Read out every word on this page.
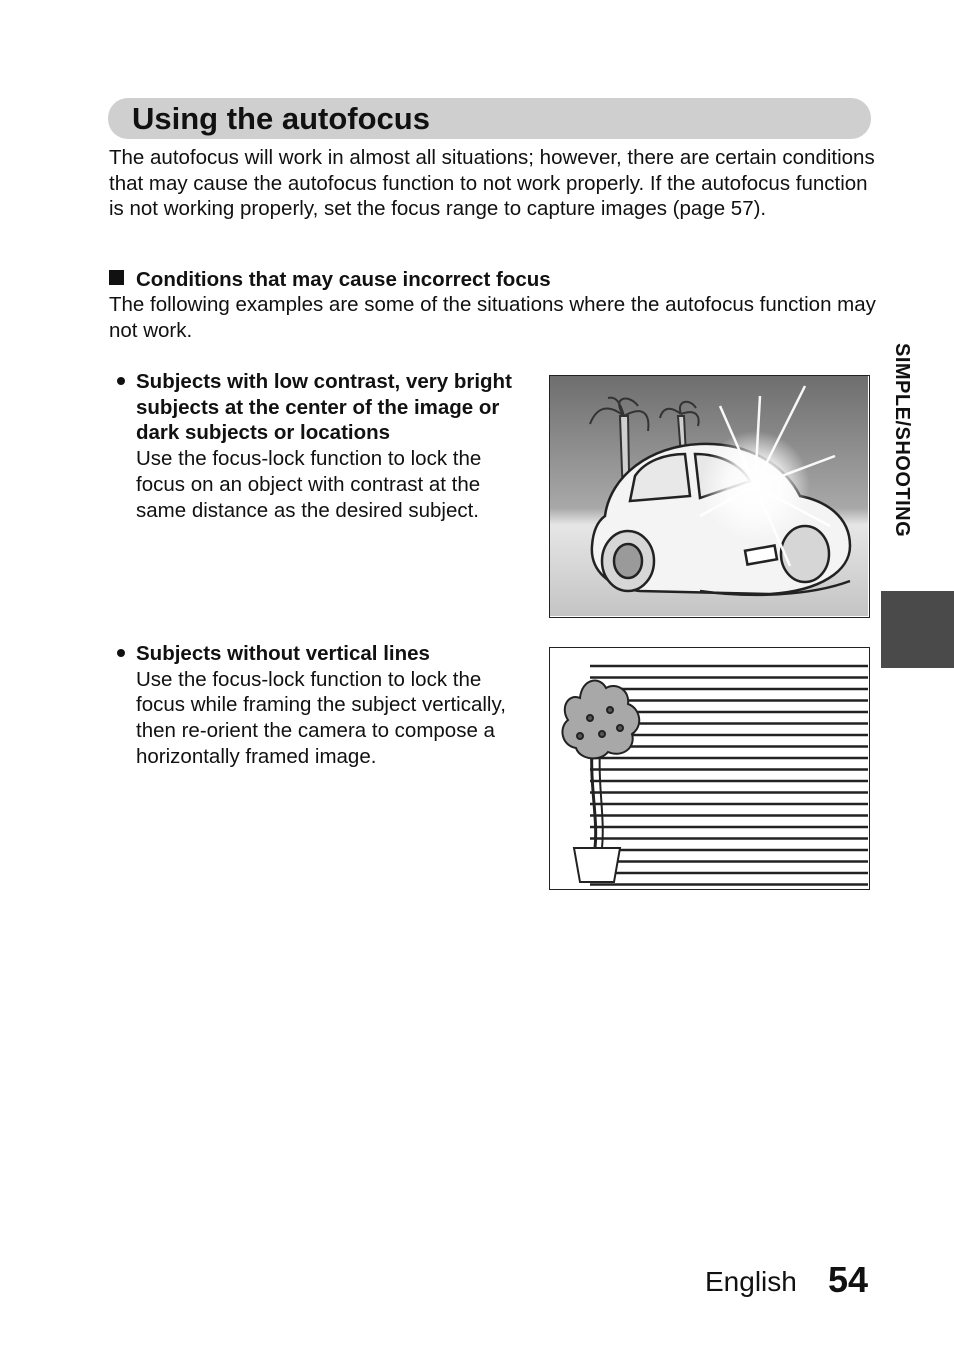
Using the autofocus

The autofocus will work in almost all situations; however, there are certain conditions that may cause the autofocus function to not work properly. If the autofocus function is not working properly, set the focus range to capture images (page 57).

Conditions that may cause incorrect focus

The following examples are some of the situations where the autofocus function may not work.

Subjects with low contrast, very bright subjects at the center of the image or dark subjects or locations
Use the focus-lock function to lock the focus on an object with contrast at the same distance as the desired subject.
Subjects without vertical lines
Use the focus-lock function to lock the focus while framing the subject vertically, then re-orient the camera to compose a horizontally framed image.
SIMPLE/SHOOTING
English 54
